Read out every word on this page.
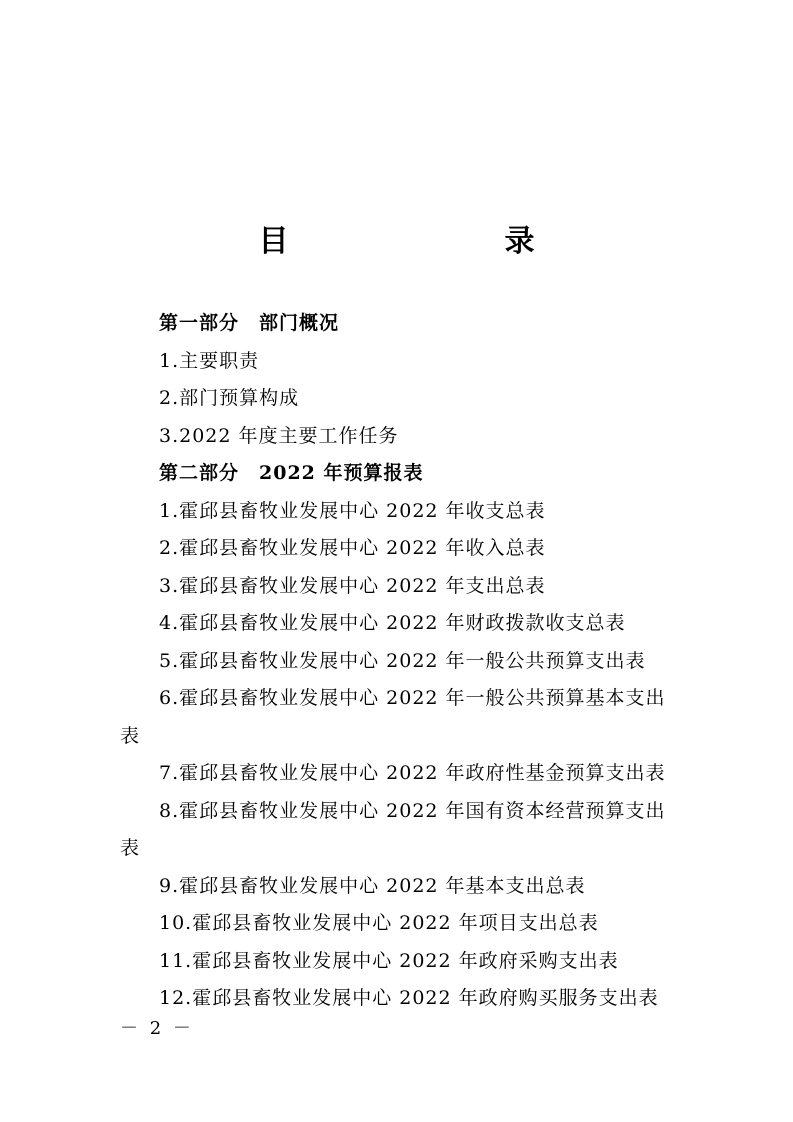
目　　录
第一部分　部门概况
1.主要职责
2.部门预算构成
3.2022 年度主要工作任务
第二部分　2022 年预算报表
1.霍邱县畜牧业发展中心 2022 年收支总表
2.霍邱县畜牧业发展中心 2022 年收入总表
3.霍邱县畜牧业发展中心 2022 年支出总表
4.霍邱县畜牧业发展中心 2022 年财政拨款收支总表
5.霍邱县畜牧业发展中心 2022 年一般公共预算支出表
6.霍邱县畜牧业发展中心 2022 年一般公共预算基本支出
表
7.霍邱县畜牧业发展中心 2022 年政府性基金预算支出表
8.霍邱县畜牧业发展中心 2022 年国有资本经营预算支出
表
9.霍邱县畜牧业发展中心 2022 年基本支出总表
10.霍邱县畜牧业发展中心 2022 年项目支出总表
11.霍邱县畜牧业发展中心 2022 年政府采购支出表
12.霍邱县畜牧业发展中心 2022 年政府购买服务支出表
－ 2 －
